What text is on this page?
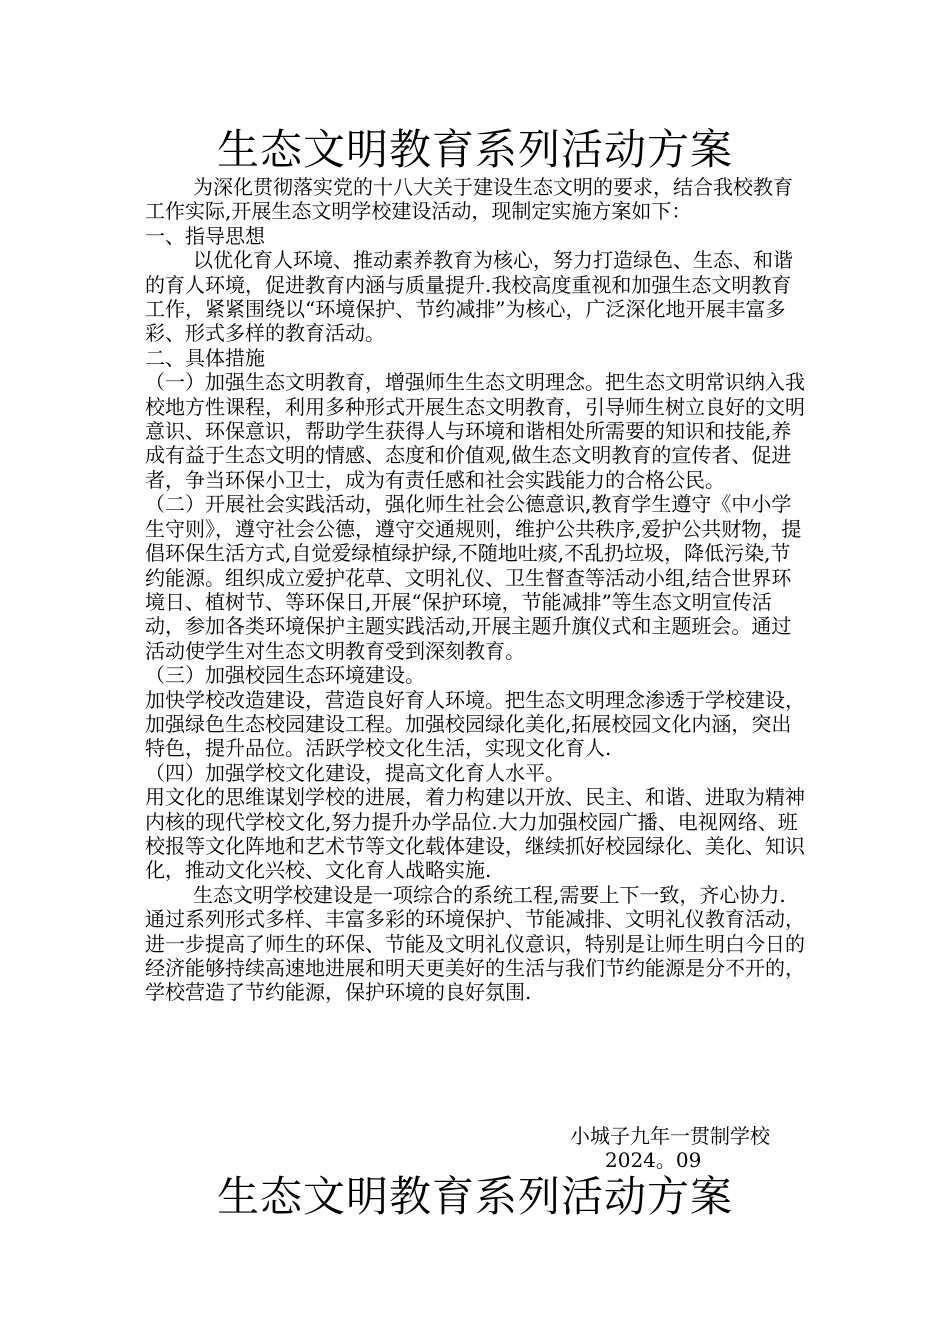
生态文明教育系列活动方案

为深化贯彻落实党的十八大关于建设生态文明的要求，结合我校教育工作实际,开展生态文明学校建设活动，现制定实施方案如下：

一、指导思想

以优化育人环境、推动素养教育为核心，努力打造绿色、生态、和谐的育人环境，促进教育内涵与质量提升.我校高度重视和加强生态文明教育工作，紧紧围绕以“环境保护、节约减排”为核心，广泛深化地开展丰富多彩、形式多样的教育活动。

二、具体措施

（一）加强生态文明教育，增强师生生态文明理念。把生态文明常识纳入我校地方性课程，利用多种形式开展生态文明教育，引导师生树立良好的文明意识、环保意识，帮助学生获得人与环境和谐相处所需要的知识和技能,养成有益于生态文明的情感、态度和价值观,做生态文明教育的宣传者、促进者，争当环保小卫士，成为有责任感和社会实践能力的合格公民。

（二）开展社会实践活动，强化师生社会公德意识,教育学生遵守《中小学生守则》，遵守社会公德，遵守交通规则，维护公共秩序,爱护公共财物，提倡环保生活方式,自觉爱绿植绿护绿,不随地吐痰,不乱扔垃圾，降低污染,节约能源。组织成立爱护花草、文明礼仪、卫生督查等活动小组,结合世界环境日、植树节、等环保日,开展“保护环境，节能减排”等生态文明宣传活动，参加各类环境保护主题实践活动,开展主题升旗仪式和主题班会。通过活动使学生对生态文明教育受到深刻教育。

（三）加强校园生态环境建设。

加快学校改造建设，营造良好育人环境。把生态文明理念渗透于学校建设，加强绿色生态校园建设工程。加强校园绿化美化,拓展校园文化内涵，突出特色，提升品位。活跃学校文化生活，实现文化育人.

（四）加强学校文化建设，提高文化育人水平。

用文化的思维谋划学校的进展，着力构建以开放、民主、和谐、进取为精神内核的现代学校文化,努力提升办学品位.大力加强校园广播、电视网络、班校报等文化阵地和艺术节等文化载体建设，继续抓好校园绿化、美化、知识化，推动文化兴校、文化育人战略实施.

生态文明学校建设是一项综合的系统工程,需要上下一致，齐心协力.通过系列形式多样、丰富多彩的环境保护、节能减排、文明礼仪教育活动，进一步提高了师生的环保、节能及文明礼仪意识，特别是让师生明白今日的经济能够持续高速地进展和明天更美好的生活与我们节约能源是分不开的，学校营造了节约能源，保护环境的良好氛围.

小城子九年一贯制学校
2024。09
生态文明教育系列活动方案
